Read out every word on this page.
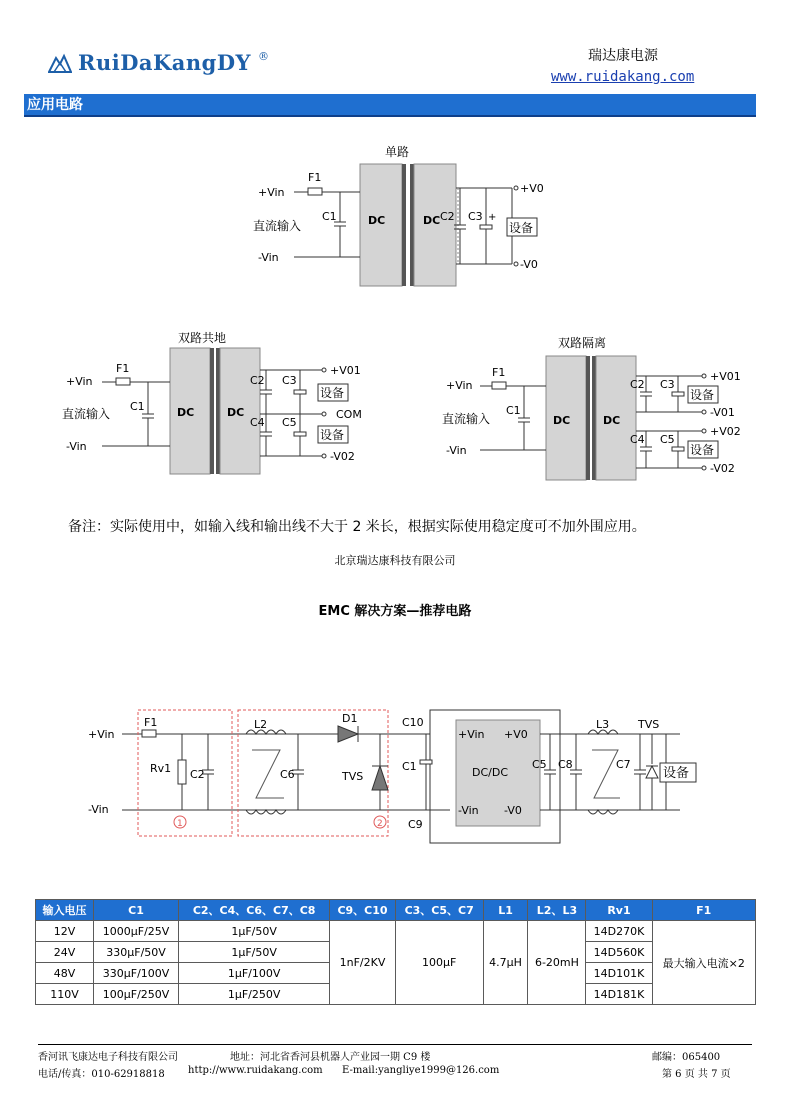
RuiDaKangDY ®	瑞达康电源
www.ruidakang.com
应用电路
单路
DC	DC
+Vin
-Vin
直流输入
F1
C1	C2 C3 +
设备
+V0
-V0
双路共地
DC	DC
+Vin
-Vin
直流输入
F1
C1
C2
C4
C3
C5
设备
设备
+V01
COM
-V02
双路隔离
DC	DC
+Vin
-Vin
直流输入
F1
C1
C2
C4
C3
C5
设备
设备
+V01
-V01
+V02
-V02
备注：实际使用中，如输入线和输出线不大于 2 米长，根据实际使用稳定度可不加外围应用。
北京瑞达康科技有限公司
EMC 解决方案—推荐电路
+Vin
-Vin
F1
Rv1 C2
1
L2
C6
D1
TVS
2
C10
C1
C9
+Vin +V0
DC/DC
-Vin -V0
C5 C8
L3
C7
TVS
设备
输入电压	C1	C2、C4、C6、C7、C8	C9、C10	C3、C5、C7	L1	L2、L3	Rv1	F1
12V	1000μF/25V	1μF/50V	1nF/2KV	100μF	4.7μH	6-20mH	14D270K	最大输入电流×2
24V	330μF/50V	1μF/50V					14D560K	
48V	330μF/100V	1μF/100V					14D101K	
110V	100μF/250V	1μF/250V					14D181K	
香河讯飞康达电子科技有限公司	地址：河北省香河县机器人产业园一期 C9 楼	邮编：065400
电话/传真：010-62918818 http://www.ruidakang.com E-mail:yangliye1999@126.com	第 6 页 共 7 页
